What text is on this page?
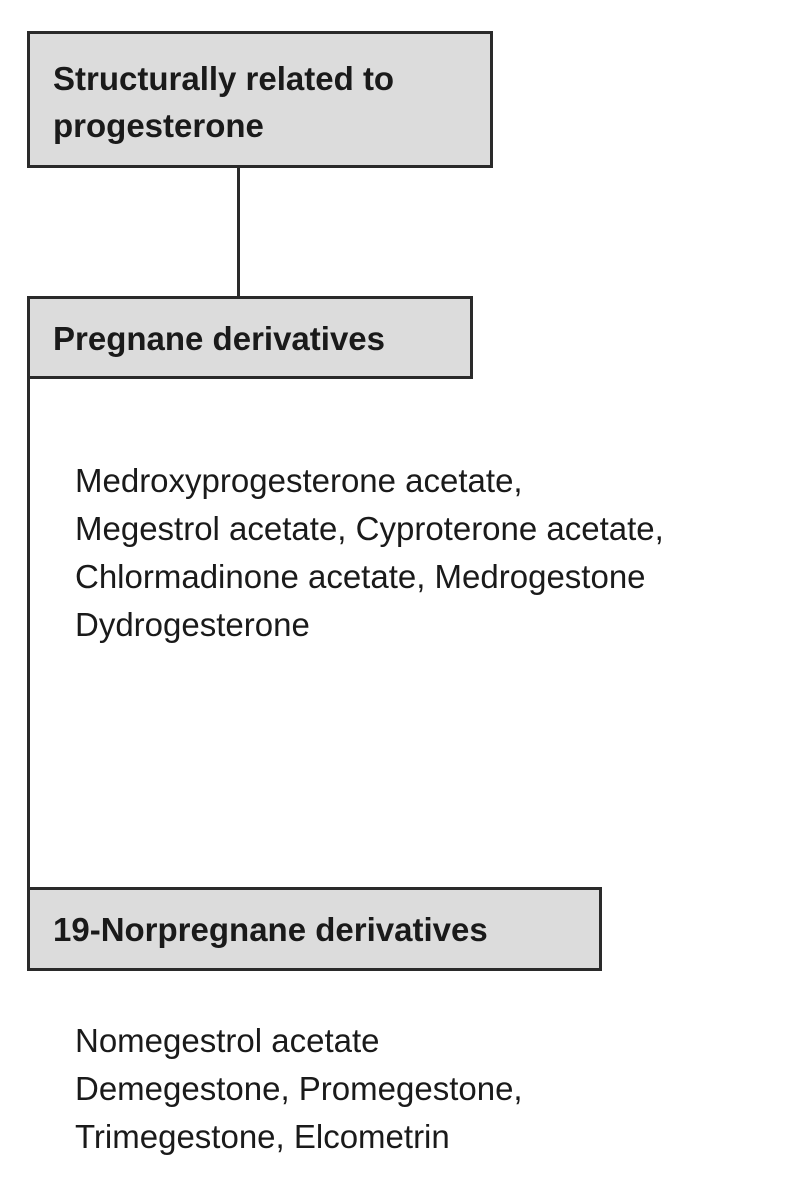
Structurally related to
progesterone
Pregnane derivatives
Medroxyprogesterone acetate,
Megestrol acetate, Cyproterone acetate,
Chlormadinone acetate, Medrogestone
Dydrogesterone
19-Norpregnane derivatives
Nomegestrol acetate
Demegestone, Promegestone,
Trimegestone, Elcometrin
